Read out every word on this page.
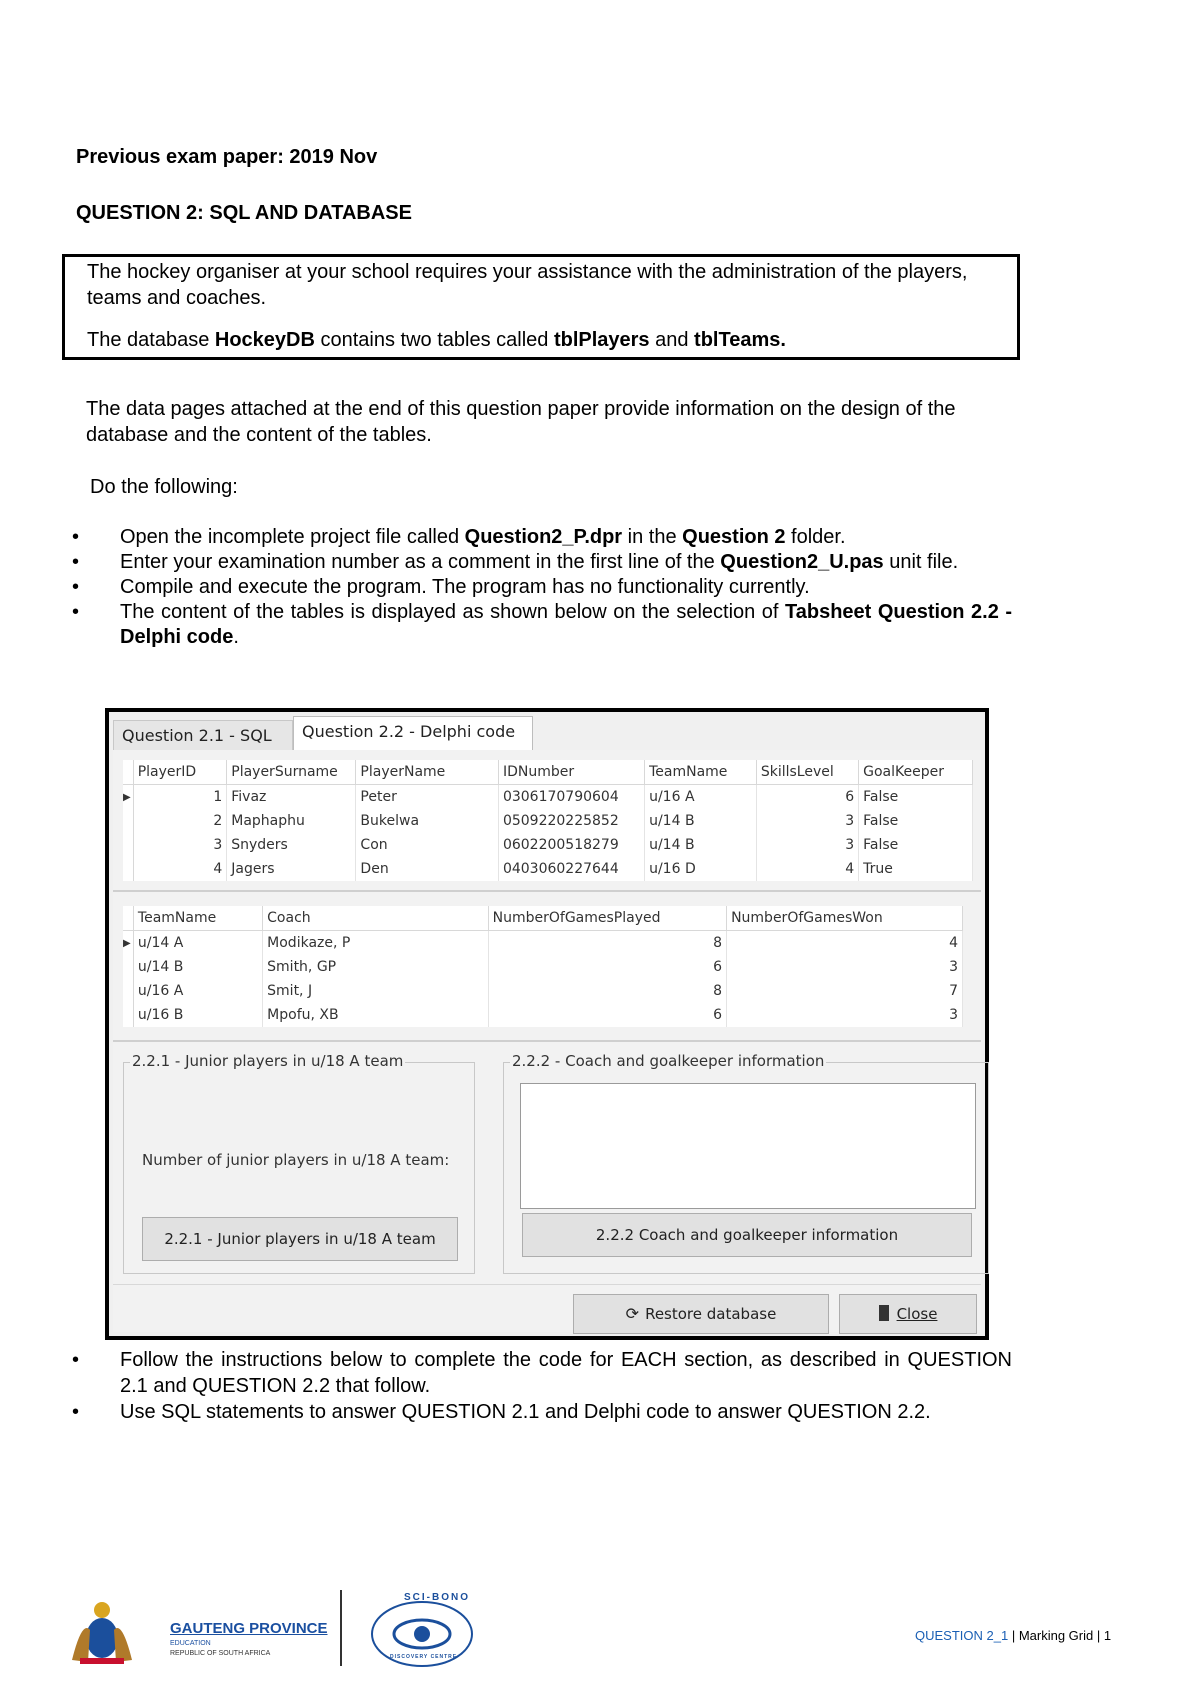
Previous exam paper: 2019 Nov
QUESTION 2: SQL AND DATABASE
The hockey organiser at your school requires your assistance with the administration of the players, teams and coaches.
The database HockeyDB contains two tables called tblPlayers and tblTeams.
The data pages attached at the end of this question paper provide information on the design of the database and the content of the tables.
Do the following:
• Open the incomplete project file called Question2_P.dpr in the Question 2 folder.
• Enter your examination number as a comment in the first line of the Question2_U.pas unit file.
• Compile and execute the program. The program has no functionality currently.
• The content of the tables is displayed as shown below on the selection of Tabsheet Question 2.2 - Delphi code.
Question 2.1 - SQL	Question 2.2 - Delphi code
	PlayerID	PlayerSurname	PlayerName	IDNumber	TeamName	SkillsLevel	GoalKeeper
▶	1	Fivaz	Peter	0306170790604	u/16 A	6	False
	2	Maphaphu	Bukelwa	0509220225852	u/14 B	3	False
	3	Snyders	Con	0602200518279	u/14 B	3	False
	4	Jagers	Den	0403060227644	u/16 D	4	True
	TeamName	Coach	NumberOfGamesPlayed	NumberOfGamesWon
▶	u/14 A	Modikaze, P	8	4
	u/14 B	Smith, GP	6	3
	u/16 A	Smit, J	8	7
	u/16 B	Mpofu, XB	6	3
2.2.1 - Junior players in u/18 A team
Number of junior players in u/18 A team:
2.2.1 - Junior players in u/18 A team
2.2.2 - Coach and goalkeeper information
2.2.2 Coach and goalkeeper information
⟳ Restore database	Close
• Follow the instructions below to complete the code for EACH section, as described in QUESTION 2.1 and QUESTION 2.2 that follow.
• Use SQL statements to answer QUESTION 2.1 and Delphi code to answer QUESTION 2.2.
GAUTENG PROVINCE
EDUCATION
REPUBLIC OF SOUTH AFRICA
SCI-BONO
DISCOVERY CENTRE
QUESTION 2_1 | Marking Grid | 1
